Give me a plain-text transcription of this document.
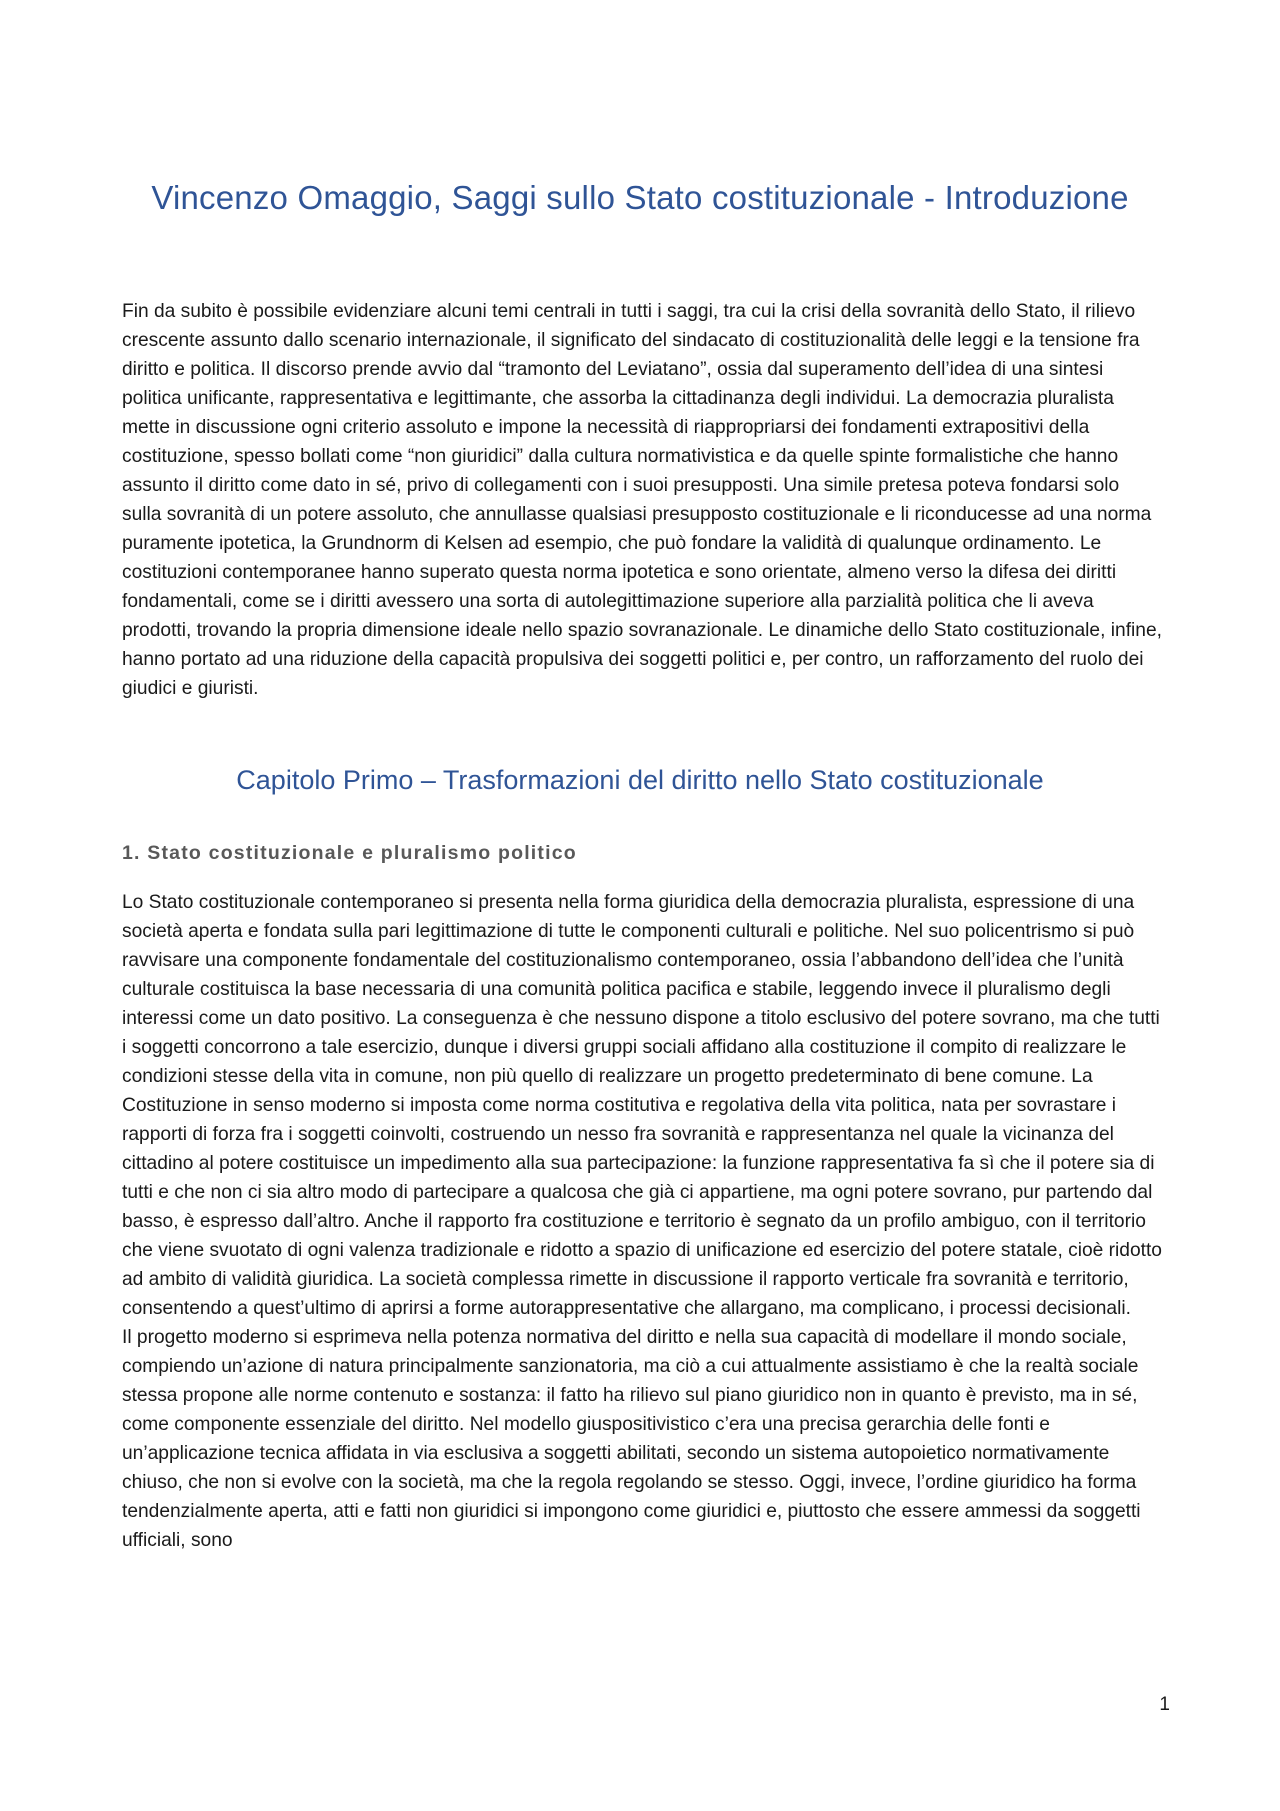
Vincenzo Omaggio, Saggi sullo Stato costituzionale - Introduzione

Fin da subito è possibile evidenziare alcuni temi centrali in tutti i saggi, tra cui la crisi della sovranità dello Stato, il rilievo crescente assunto dallo scenario internazionale, il significato del sindacato di costituzionalità delle leggi e la tensione fra diritto e politica. Il discorso prende avvio dal “tramonto del Leviatano”, ossia dal superamento dell’idea di una sintesi politica unificante, rappresentativa e legittimante, che assorba la cittadinanza degli individui. La democrazia pluralista mette in discussione ogni criterio assoluto e impone la necessità di riappropriarsi dei fondamenti extrapositivi della costituzione, spesso bollati come “non giuridici” dalla cultura normativistica e da quelle spinte formalistiche che hanno assunto il diritto come dato in sé, privo di collegamenti con i suoi presupposti. Una simile pretesa poteva fondarsi solo sulla sovranità di un potere assoluto, che annullasse qualsiasi presupposto costituzionale e li riconducesse ad una norma puramente ipotetica, la Grundnorm di Kelsen ad esempio, che può fondare la validità di qualunque ordinamento. Le costituzioni contemporanee hanno superato questa norma ipotetica e sono orientate, almeno verso la difesa dei diritti fondamentali, come se i diritti avessero una sorta di autolegittimazione superiore alla parzialità politica che li aveva prodotti, trovando la propria dimensione ideale nello spazio sovranazionale. Le dinamiche dello Stato costituzionale, infine, hanno portato ad una riduzione della capacità propulsiva dei soggetti politici e, per contro, un rafforzamento del ruolo dei giudici e giuristi.

Capitolo Primo – Trasformazioni del diritto nello Stato costituzionale
1. Stato costituzionale e pluralismo politico

Lo Stato costituzionale contemporaneo si presenta nella forma giuridica della democrazia pluralista, espressione di una società aperta e fondata sulla pari legittimazione di tutte le componenti culturali e politiche. Nel suo policentrismo si può ravvisare una componente fondamentale del costituzionalismo contemporaneo, ossia l’abbandono dell’idea che l’unità culturale costituisca la base necessaria di una comunità politica pacifica e stabile, leggendo invece il pluralismo degli interessi come un dato positivo. La conseguenza è che nessuno dispone a titolo esclusivo del potere sovrano, ma che tutti i soggetti concorrono a tale esercizio, dunque i diversi gruppi sociali affidano alla costituzione il compito di realizzare le condizioni stesse della vita in comune, non più quello di realizzare un progetto predeterminato di bene comune. La Costituzione in senso moderno si imposta come norma costitutiva e regolativa della vita politica, nata per sovrastare i rapporti di forza fra i soggetti coinvolti, costruendo un nesso fra sovranità e rappresentanza nel quale la vicinanza del cittadino al potere costituisce un impedimento alla sua partecipazione: la funzione rappresentativa fa sì che il potere sia di tutti e che non ci sia altro modo di partecipare a qualcosa che già ci appartiene, ma ogni potere sovrano, pur partendo dal basso, è espresso dall’altro. Anche il rapporto fra costituzione e territorio è segnato da un profilo ambiguo, con il territorio che viene svuotato di ogni valenza tradizionale e ridotto a spazio di unificazione ed esercizio del potere statale, cioè ridotto ad ambito di validità giuridica. La società complessa rimette in discussione il rapporto verticale fra sovranità e territorio, consentendo a quest’ultimo di aprirsi a forme autorappresentative che allargano, ma complicano, i processi decisionali.

Il progetto moderno si esprimeva nella potenza normativa del diritto e nella sua capacità di modellare il mondo sociale, compiendo un’azione di natura principalmente sanzionatoria, ma ciò a cui attualmente assistiamo è che la realtà sociale stessa propone alle norme contenuto e sostanza: il fatto ha rilievo sul piano giuridico non in quanto è previsto, ma in sé, come componente essenziale del diritto. Nel modello giuspositivistico c’era una precisa gerarchia delle fonti e un’applicazione tecnica affidata in via esclusiva a soggetti abilitati, secondo un sistema autopoietico normativamente chiuso, che non si evolve con la società, ma che la regola regolando se stesso. Oggi, invece, l’ordine giuridico ha forma tendenzialmente aperta, atti e fatti non giuridici si impongono come giuridici e, piuttosto che essere ammessi da soggetti ufficiali, sono

1
